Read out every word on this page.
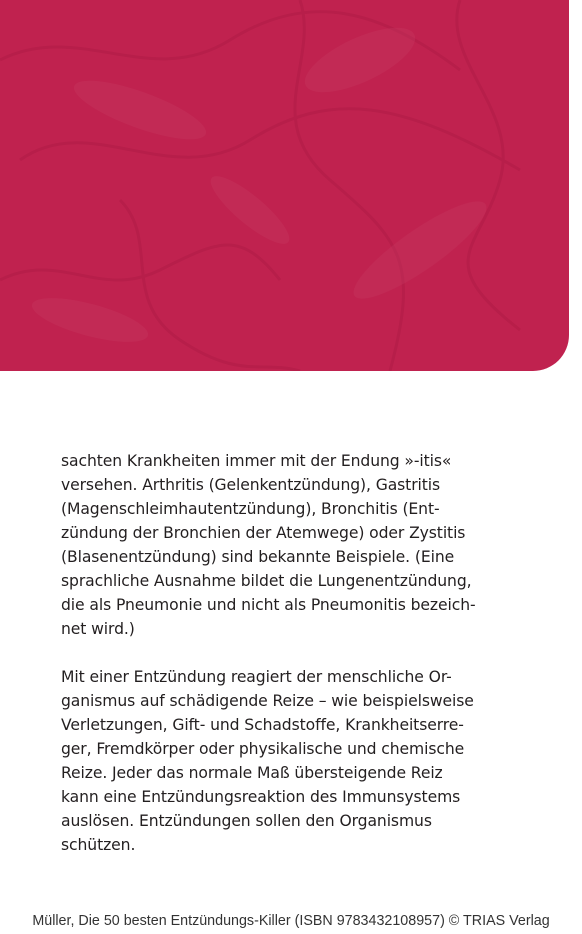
sachten Krankheiten immer mit der Endung »-itis«
versehen. Arthritis (Gelenkentzündung), Gastritis
(Magenschleimhautentzündung), Bronchitis (Ent-
zündung der Bronchien der Atemwege) oder Zystitis
(Blasenentzündung) sind bekannte Beispiele. (Eine
sprachliche Ausnahme bildet die Lungenentzündung,
die als Pneumonie und nicht als Pneumonitis bezeich-
net wird.)

Mit einer Entzündung reagiert der menschliche Or-
ganismus auf schädigende Reize – wie beispielsweise
Verletzungen, Gift- und Schadstoffe, Krankheitserre-
ger, Fremdkörper oder physikalische und chemische
Reize. Jeder das normale Maß übersteigende Reiz
kann eine Entzündungsreaktion des Immunsystems
auslösen. Entzündungen sollen den Organismus
schützen.

Müller, Die 50 besten Entzündungs-Killer (ISBN 9783432108957) © TRIAS Verlag
